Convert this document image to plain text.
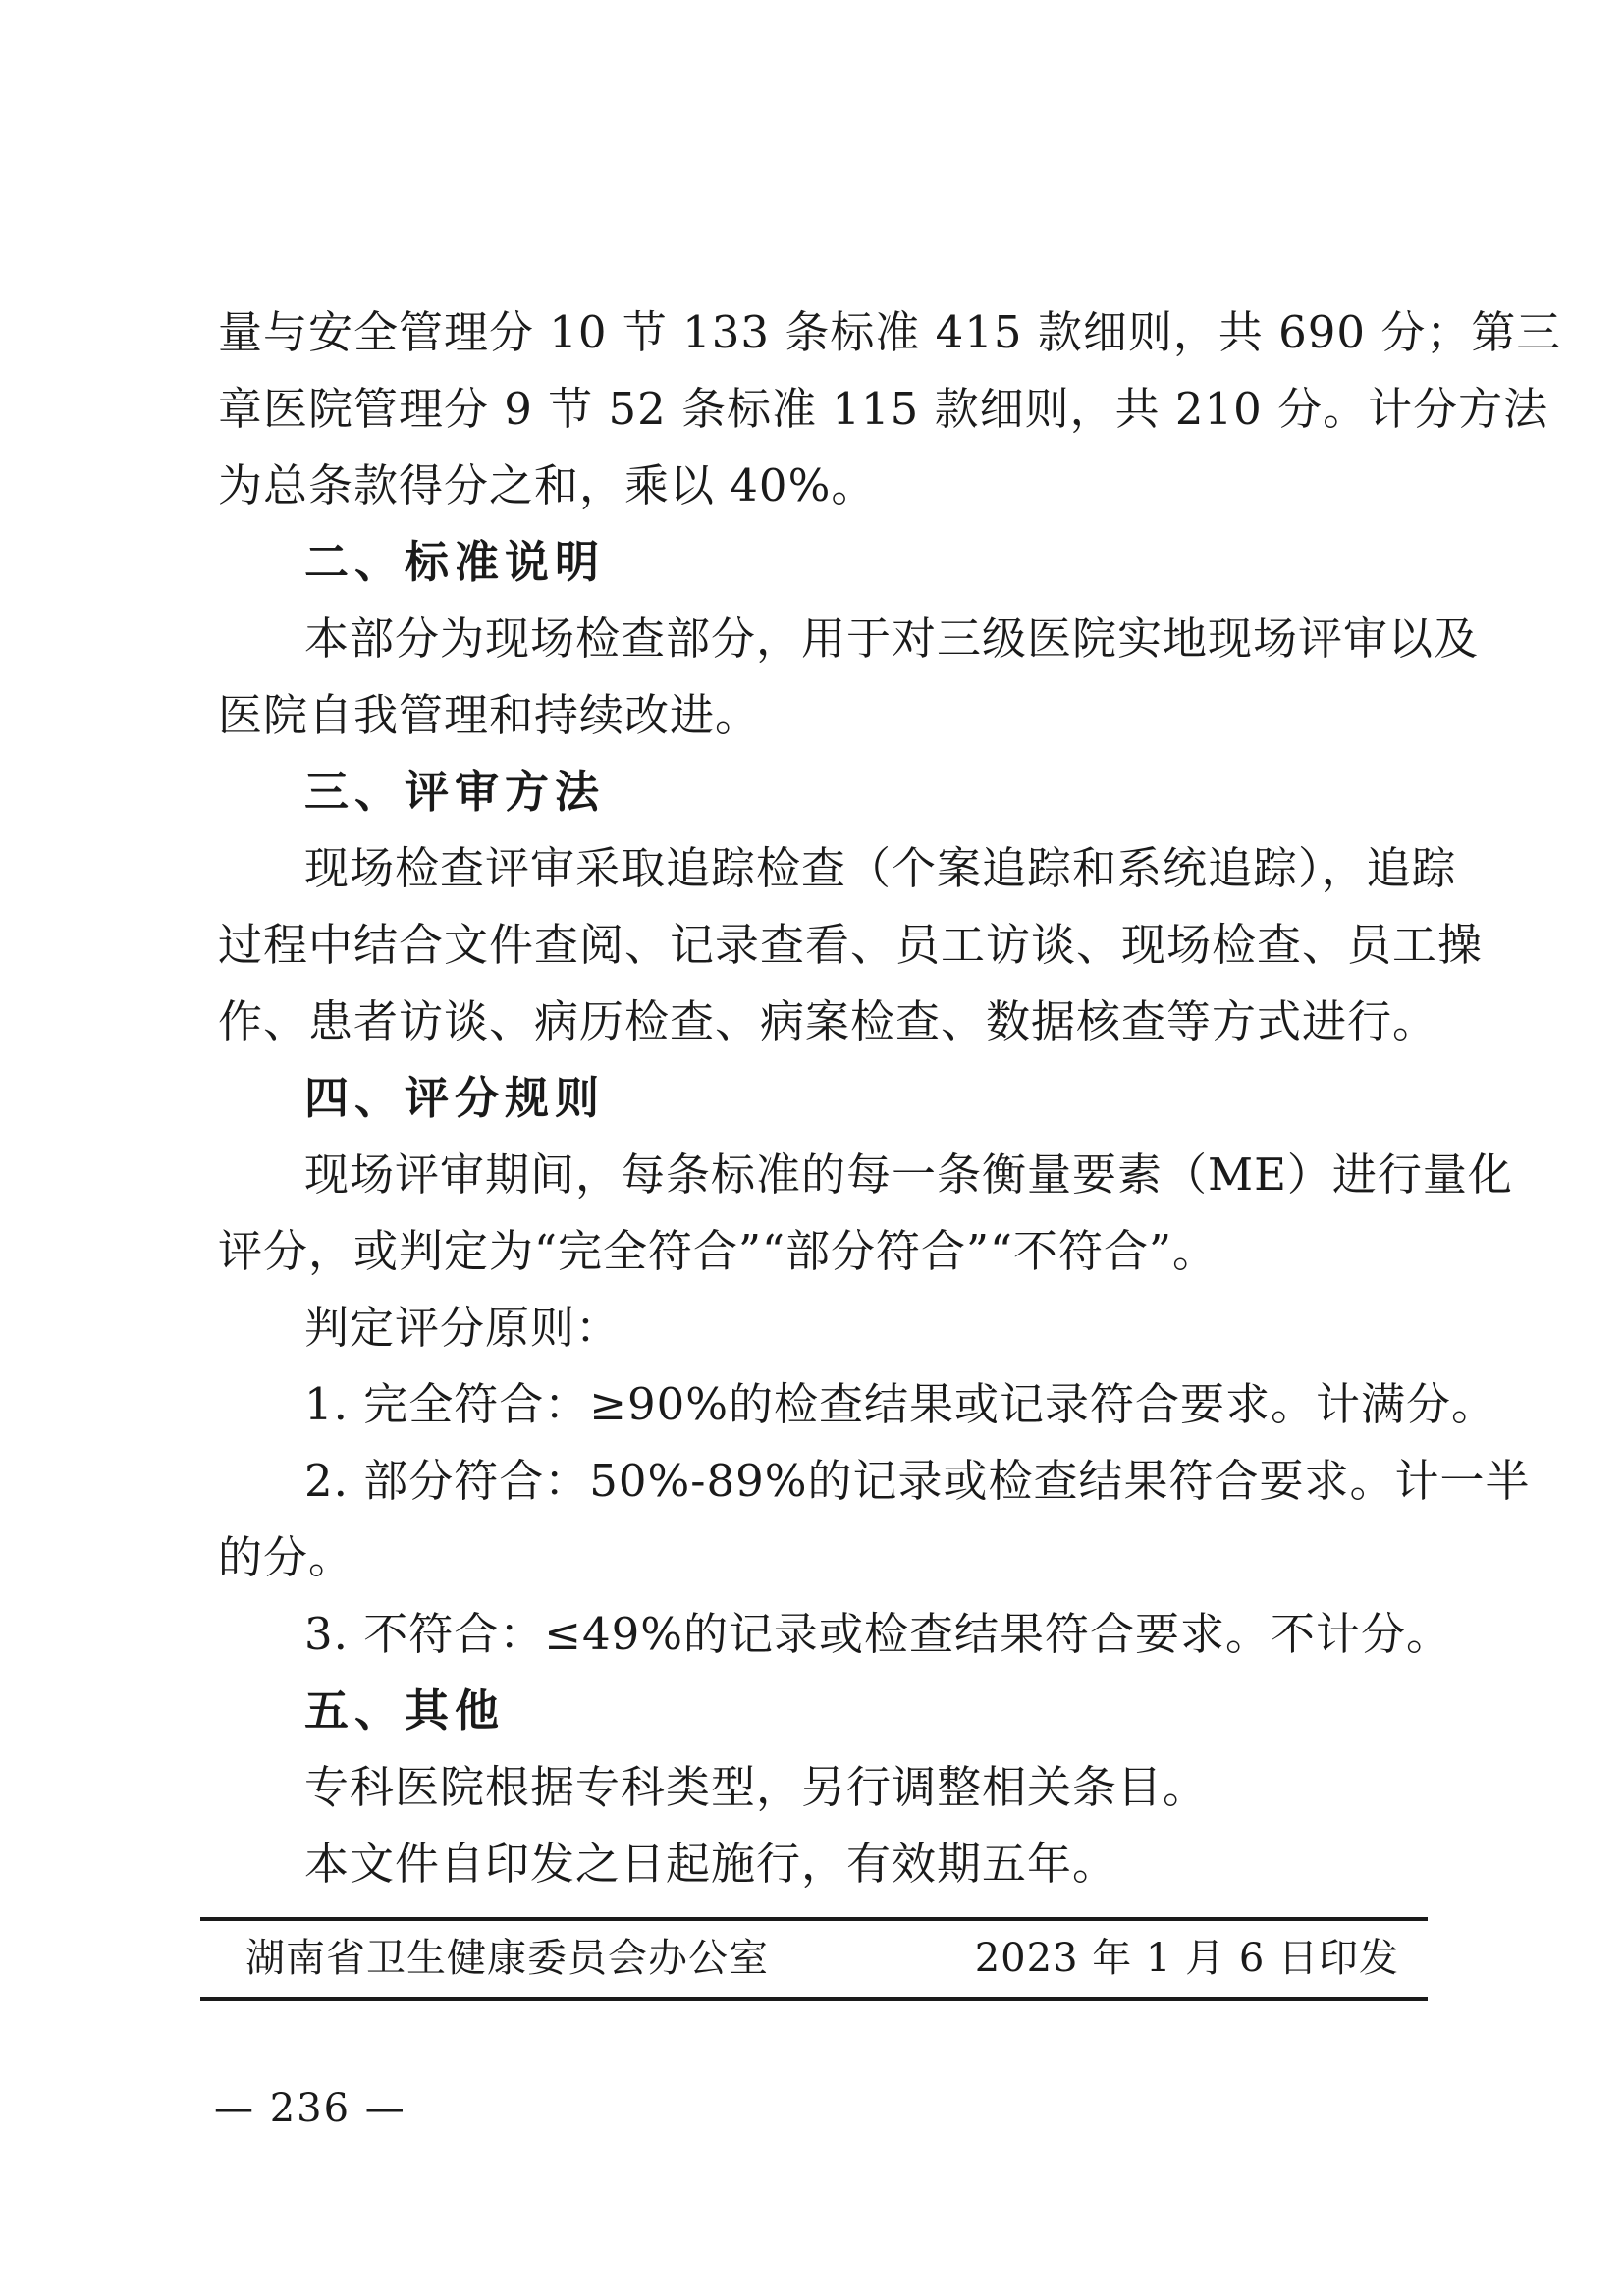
量与安全管理分 10 节 133 条标准 415 款细则，共 690 分；第三
章医院管理分 9 节 52 条标准 115 款细则，共 210 分。计分方法
为总条款得分之和，乘以 40%。
二、标准说明
本部分为现场检查部分，用于对三级医院实地现场评审以及
医院自我管理和持续改进。
三、评审方法
现场检查评审采取追踪检查（个案追踪和系统追踪），追踪
过程中结合文件查阅、记录查看、员工访谈、现场检查、员工操
作、患者访谈、病历检查、病案检查、数据核查等方式进行。
四、评分规则
现场评审期间，每条标准的每一条衡量要素（ME）进行量化
评分，或判定为“完全符合”“部分符合”“不符合”。
判定评分原则：
1. 完全符合：≥90%的检查结果或记录符合要求。计满分。
2. 部分符合：50%-89%的记录或检查结果符合要求。计一半
的分。
3. 不符合：≤49%的记录或检查结果符合要求。不计分。
五、其他
专科医院根据专科类型，另行调整相关条目。
本文件自印发之日起施行，有效期五年。
湖南省卫生健康委员会办公室	2023 年 1 月 6 日印发
— 236 —
